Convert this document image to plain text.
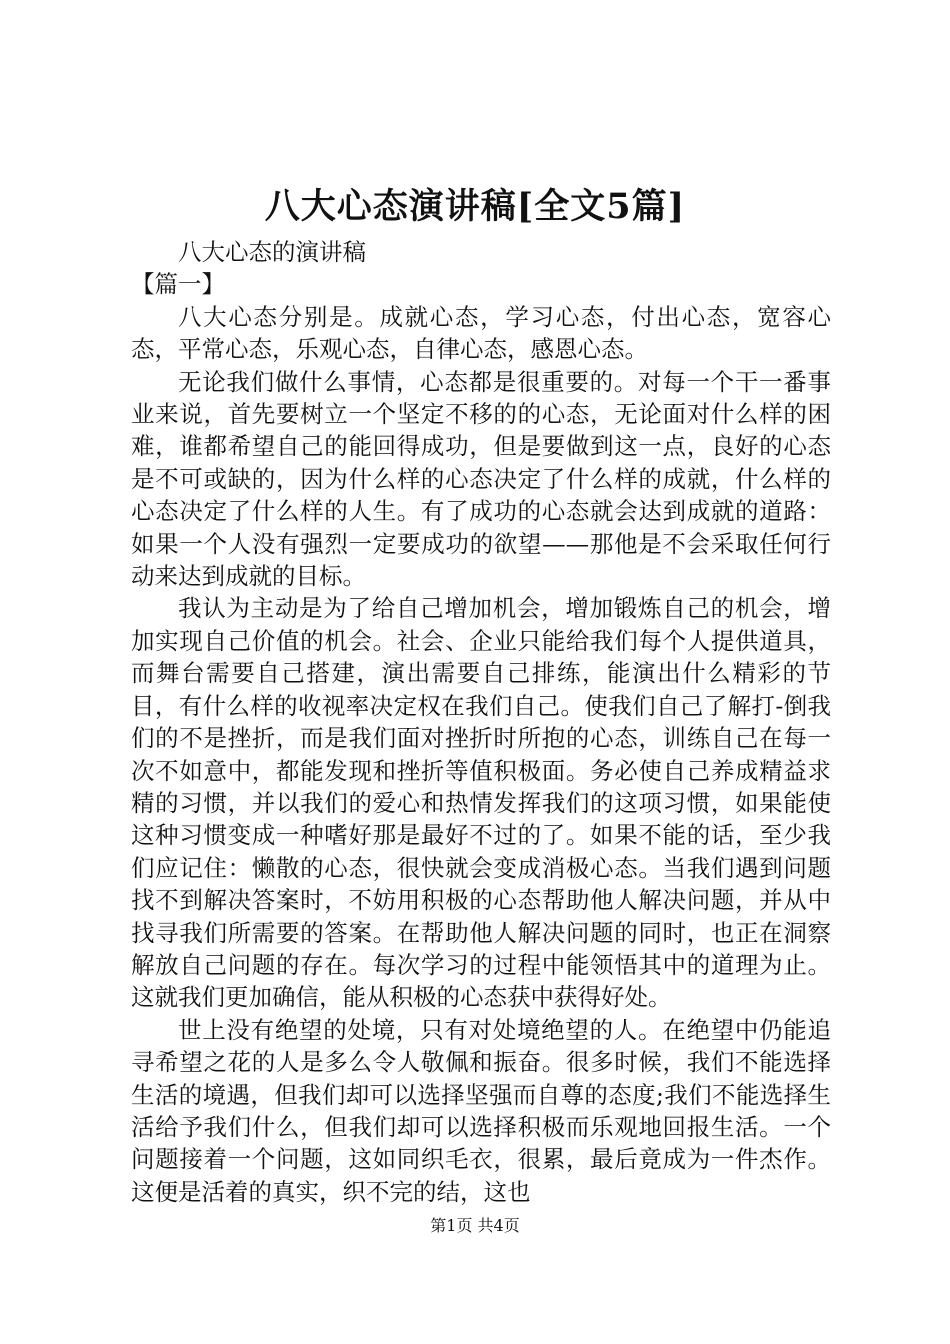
八大心态演讲稿[全文5篇]

八大心态的演讲稿

【篇一】

八大心态分别是。成就心态，学习心态，付出心态，宽容心态，平常心态，乐观心态，自律心态，感恩心态。

无论我们做什么事情，心态都是很重要的。对每一个干一番事业来说，首先要树立一个坚定不移的的心态，无论面对什么样的困难，谁都希望自己的能回得成功，但是要做到这一点，良好的心态是不可或缺的，因为什么样的心态决定了什么样的成就，什么样的心态决定了什么样的人生。有了成功的心态就会达到成就的道路：如果一个人没有强烈一定要成功的欲望——那他是不会采取任何行动来达到成就的目标。

我认为主动是为了给自己增加机会，增加锻炼自己的机会，增加实现自己价值的机会。社会、企业只能给我们每个人提供道具，而舞台需要自己搭建，演出需要自己排练，能演出什么精彩的节目，有什么样的收视率决定权在我们自己。使我们自己了解打-倒我们的不是挫折，而是我们面对挫折时所抱的心态，训练自己在每一次不如意中，都能发现和挫折等值积极面。务必使自己养成精益求精的习惯，并以我们的爱心和热情发挥我们的这项习惯，如果能使这种习惯变成一种嗜好那是最好不过的了。如果不能的话，至少我们应记住：懒散的心态，很快就会变成消极心态。当我们遇到问题找不到解决答案时，不妨用积极的心态帮助他人解决问题，并从中找寻我们所需要的答案。在帮助他人解决问题的同时，也正在洞察解放自己问题的存在。每次学习的过程中能领悟其中的道理为止。这就我们更加确信，能从积极的心态获中获得好处。

世上没有绝望的处境，只有对处境绝望的人。在绝望中仍能追寻希望之花的人是多么令人敬佩和振奋。很多时候，我们不能选择生活的境遇，但我们却可以选择坚强而自尊的态度;我们不能选择生活给予我们什么，但我们却可以选择积极而乐观地回报生活。一个问题接着一个问题，这如同织毛衣，很累，最后竟成为一件杰作。这便是活着的真实，织不完的结，这也

第1页 共4页
